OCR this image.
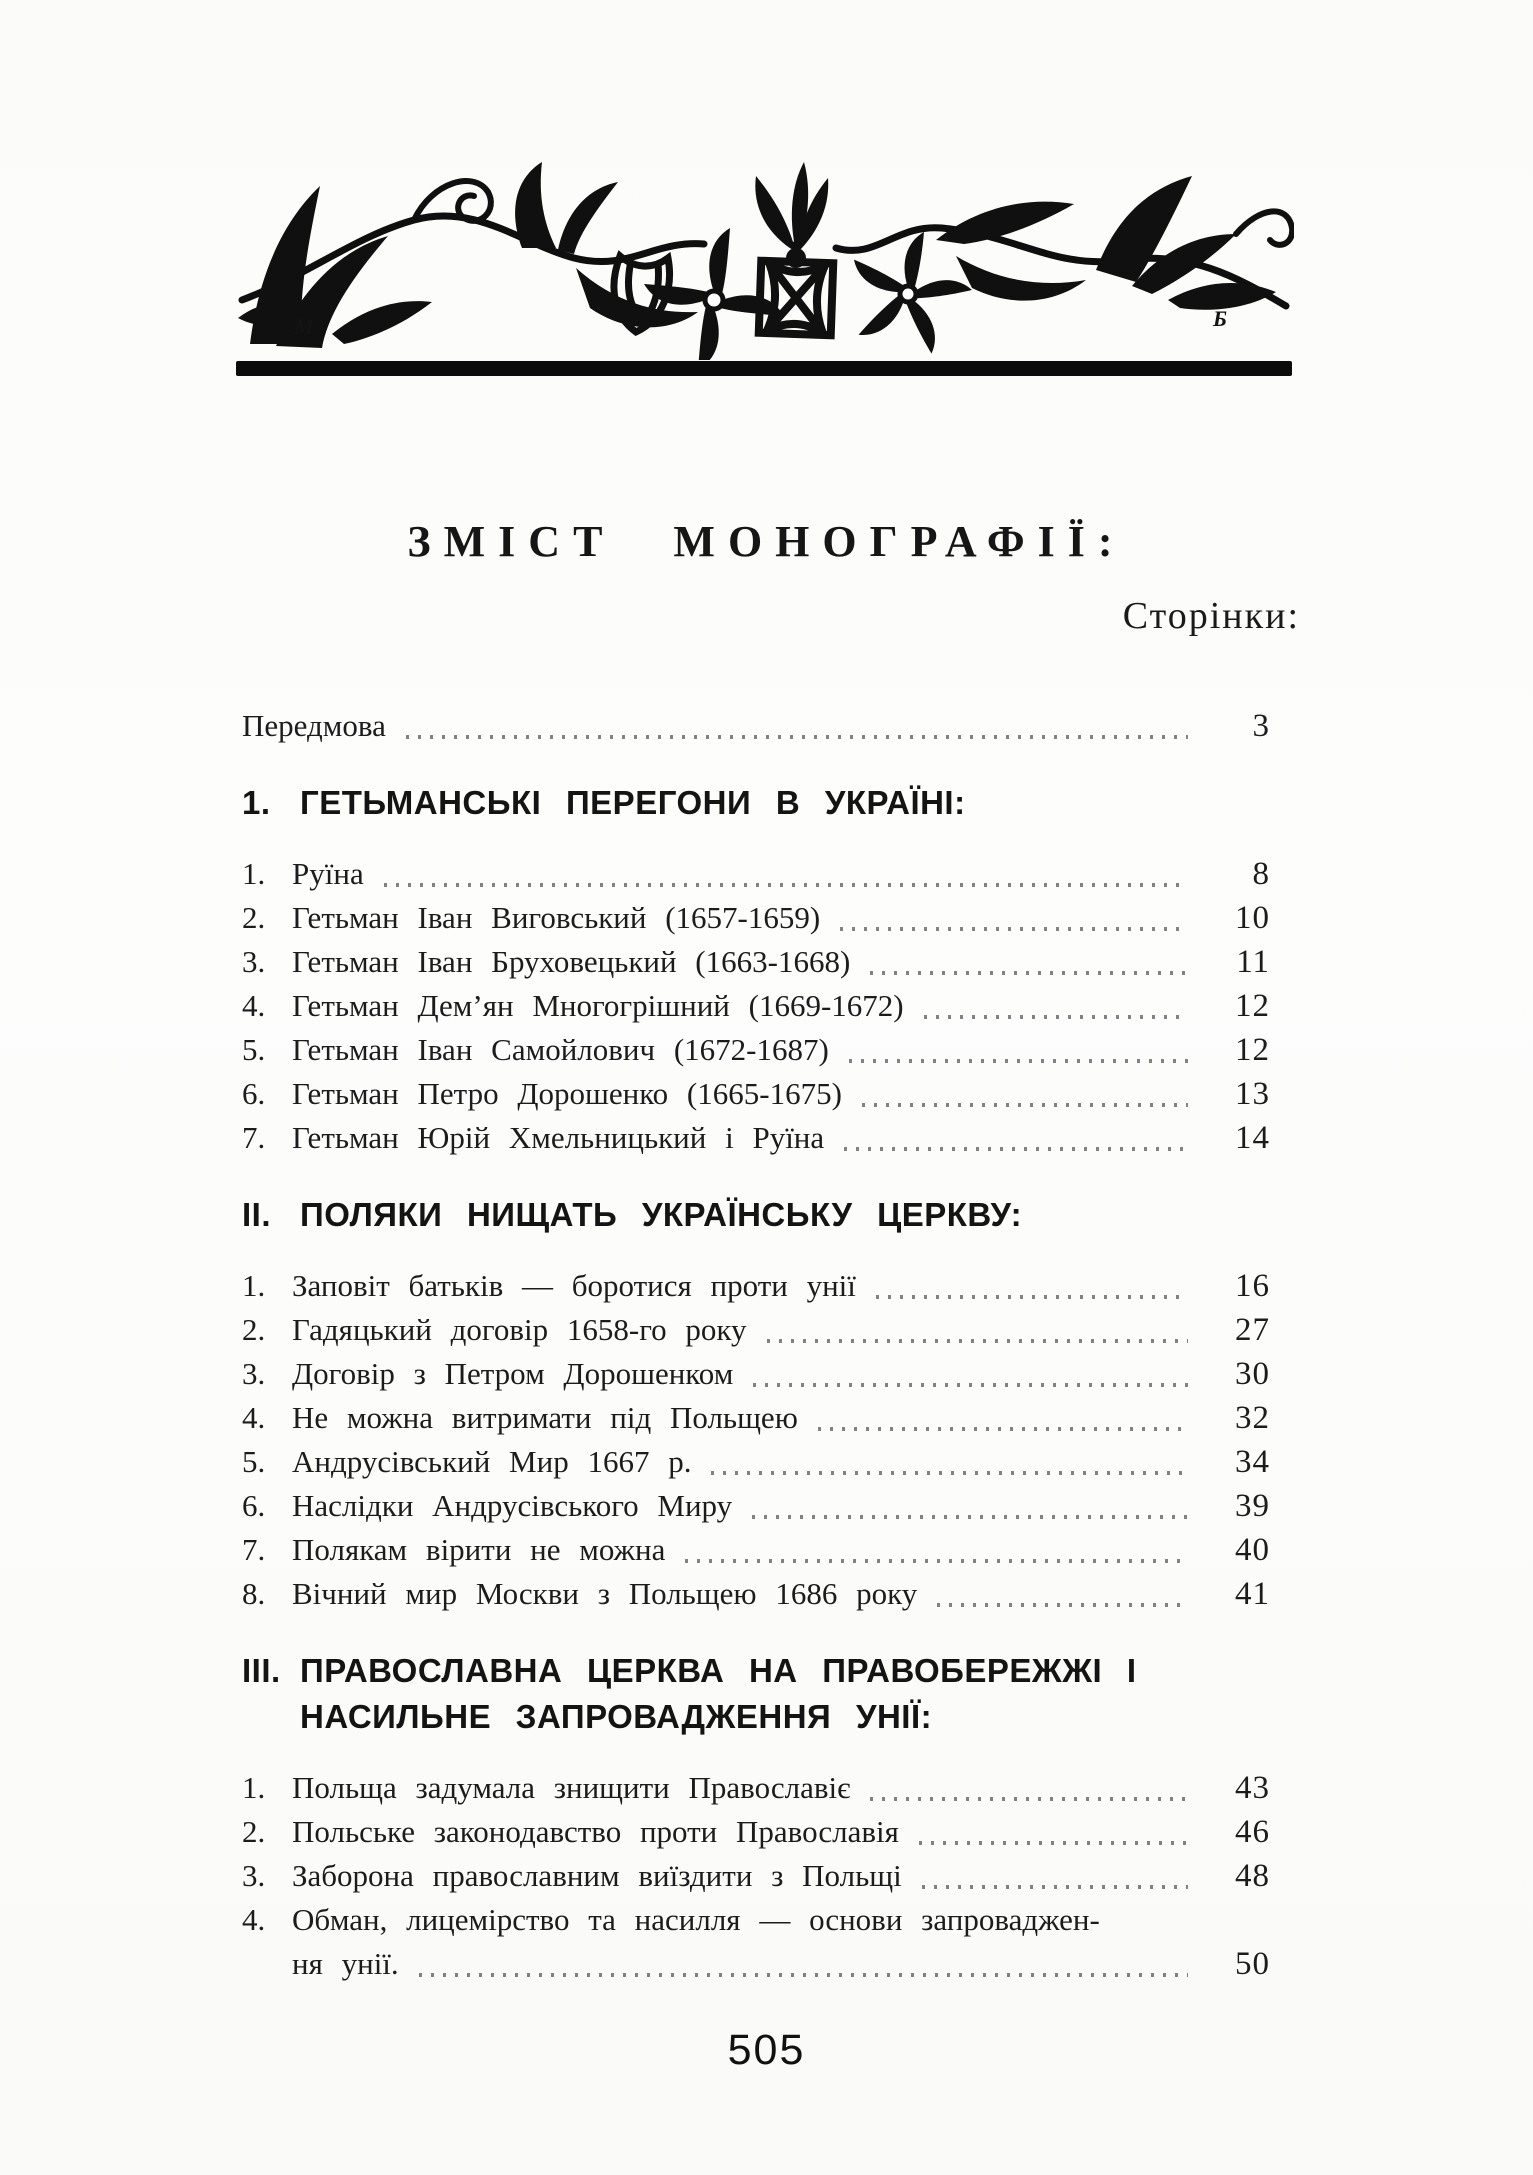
М	Б
ЗМІСТ МОНОГРАФІЇ:
Сторінки:
Передмова	3
1. ГЕТЬМАНСЬКІ ПЕРЕГОНИ В УКРАЇНІ:
1. Руїна	8
2. Гетьман Іван Виговський (1657-1659)	10
3. Гетьман Іван Бруховецький (1663-1668)	11
4. Гетьман Дем’ян Многогрішний (1669-1672)	12
5. Гетьман Іван Самойлович (1672-1687)	12
6. Гетьман Петро Дорошенко (1665-1675)	13
7. Гетьман Юрій Хмельницький і Руїна	14
II. ПОЛЯКИ НИЩАТЬ УКРАЇНСЬКУ ЦЕРКВУ:
1. Заповіт батьків — боротися проти унії	16
2. Гадяцький договір 1658-го року	27
3. Договір з Петром Дорошенком	30
4. Не можна витримати під Польщею	32
5. Андрусівський Мир 1667 р.	34
6. Наслідки Андрусівського Миру	39
7. Полякам вірити не можна	40
8. Вічний мир Москви з Польщею 1686 року	41
III. ПРАВОСЛАВНА ЦЕРКВА НА ПРАВОБЕРЕЖЖІ І
НАСИЛЬНЕ ЗАПРОВАДЖЕННЯ УНІЇ:
1. Польща задумала знищити Православіє	43
2. Польське законодавство проти Православія	46
3. Заборона православним виїздити з Польщі	48
4. Обман, лицемірство та насилля — основи запроваджен-
ня унії.	50
505
